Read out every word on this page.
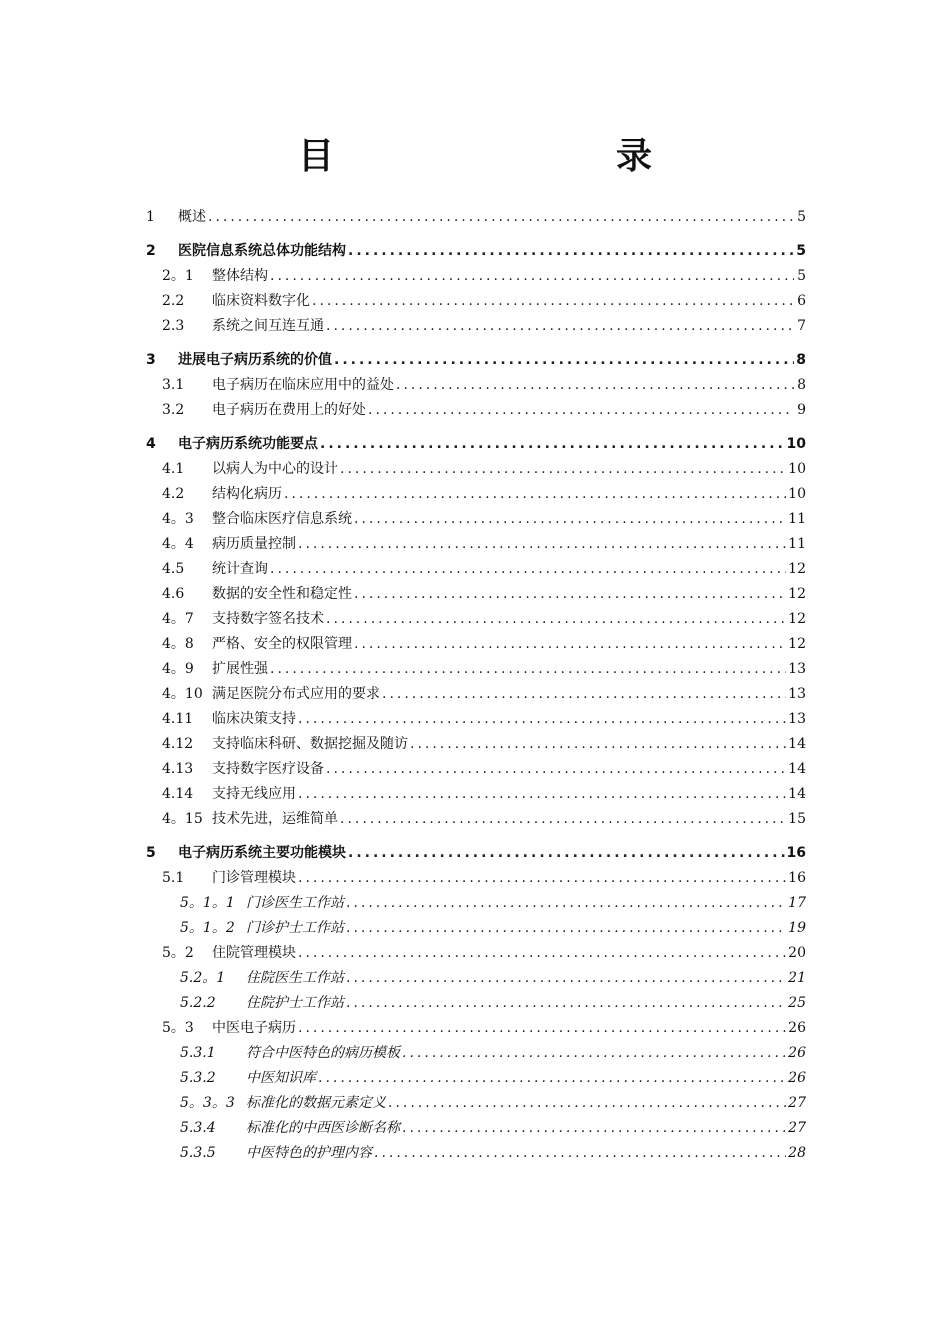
目　　录
1	概述 .....	5
2	医院信息系统总体功能结构 .....	5
2。1	整体结构 .....	5
2.2	临床资料数字化 .....	6
2.3	系统之间互连互通 .....	7
3	进展电子病历系统的价值 .....	8
3.1	电子病历在临床应用中的益处 .....	8
3.2	电子病历在费用上的好处 .....	9
4	电子病历系统功能要点 .....	10
4.1	以病人为中心的设计 .....	10
4.2	结构化病历 .....	10
4。3	整合临床医疗信息系统 .....	11
4。4	病历质量控制 .....	11
4.5	统计查询 .....	12
4.6	数据的安全性和稳定性 .....	12
4。7	支持数字签名技术 .....	12
4。8	严格、安全的权限管理 .....	12
4。9	扩展性强 .....	13
4。10 满足医院分布式应用的要求 .....	13
4.11	临床决策支持 .....	13
4.12	支持临床科研、数据挖掘及随访 .....	14
4.13	支持数字医疗设备 .....	14
4.14	支持无线应用 .....	14
4。15 技术先进，运维简单 .....	15
5	电子病历系统主要功能模块 .....	16
5.1	门诊管理模块 .....	16
5。1。1 门诊医生工作站 .....	17
5。1。2 门诊护士工作站 .....	19
5。2	住院管理模块 .....	20
5.2。1	住院医生工作站 .....	21
5.2.2	住院护士工作站 .....	25
5。3	中医电子病历 .....	26
5.3.1	符合中医特色的病历模板 .....	26
5.3.2	中医知识库 .....	26
5。3。3 标准化的数据元素定义 .....	27
5.3.4	标准化的中西医诊断名称 .....	27
5.3.5	中医特色的护理内容 .....	28
